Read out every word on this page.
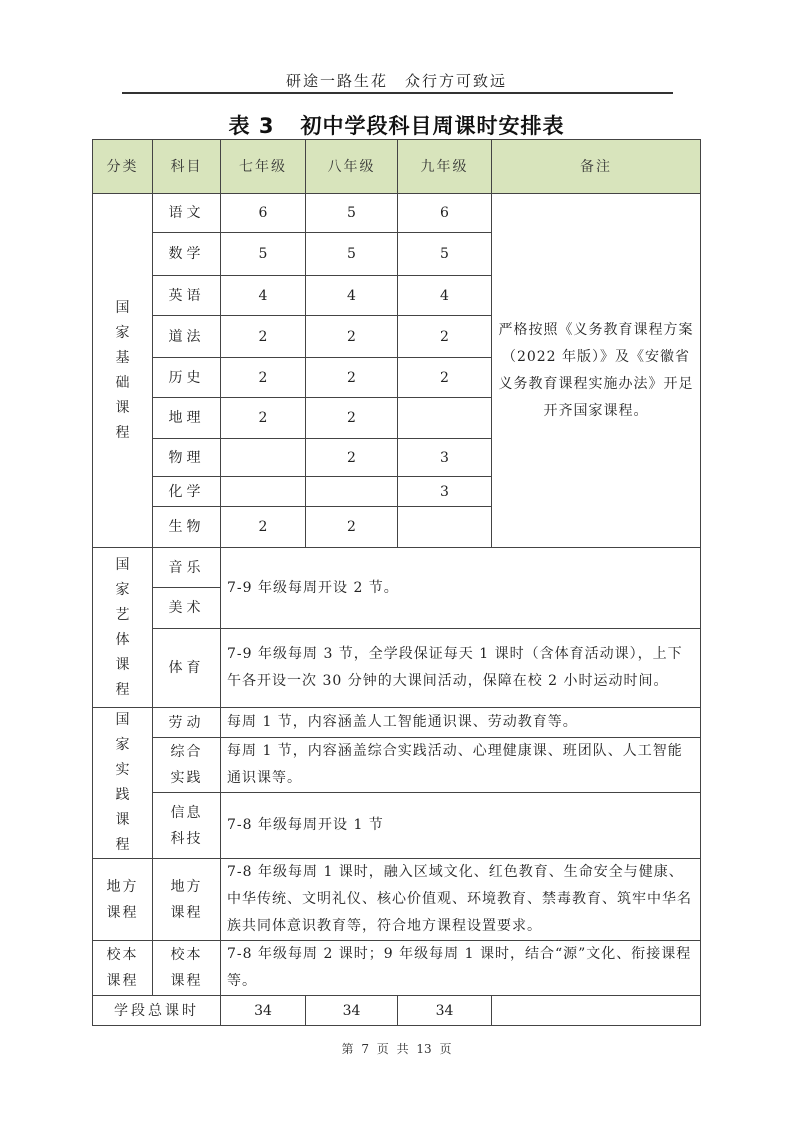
研途一路生花　众行方可致远
表 3 初中学段科目周课时安排表
分类	科目	七年级	八年级	九年级	备注
国家基础课程	语文	6	5	6	严格按照《义务教育课程方案（2022 年版）》及《安徽省义务教育课程实施办法》开足开齐国家课程。
	数学	5	5	5	
	英语	4	4	4	
	道法	2	2	2	
	历史	2	2	2	
	地理	2	2		
	物理		2	3	
	化学			3	
	生物	2	2		
国家艺体课程	音乐	7-9 年级每周开设 2 节。			
	美术				
	体育	7-9 年级每周 3 节，全学段保证每天 1 课时（含体育活动课），上下午各开设一次 30 分钟的大课间活动，保障在校 2 小时运动时间。			
国家实践课程	劳动	每周 1 节，内容涵盖人工智能通识课、劳动教育等。			
	综合实践	每周 1 节，内容涵盖综合实践活动、心理健康课、班团队、人工智能通识课等。			
	信息科技	7-8 年级每周开设 1 节			
地方课程	地方课程	7-8 年级每周 1 课时，融入区域文化、红色教育、生命安全与健康、中华传统、文明礼仪、核心价值观、环境教育、禁毒教育、筑牢中华名族共同体意识教育等，符合地方课程设置要求。			
校本课程	校本课程	7-8 年级每周 2 课时；9 年级每周 1 课时，结合“源”文化、衔接课程等。			
学段总课时		34	34	34	
第 7 页 共 13 页
